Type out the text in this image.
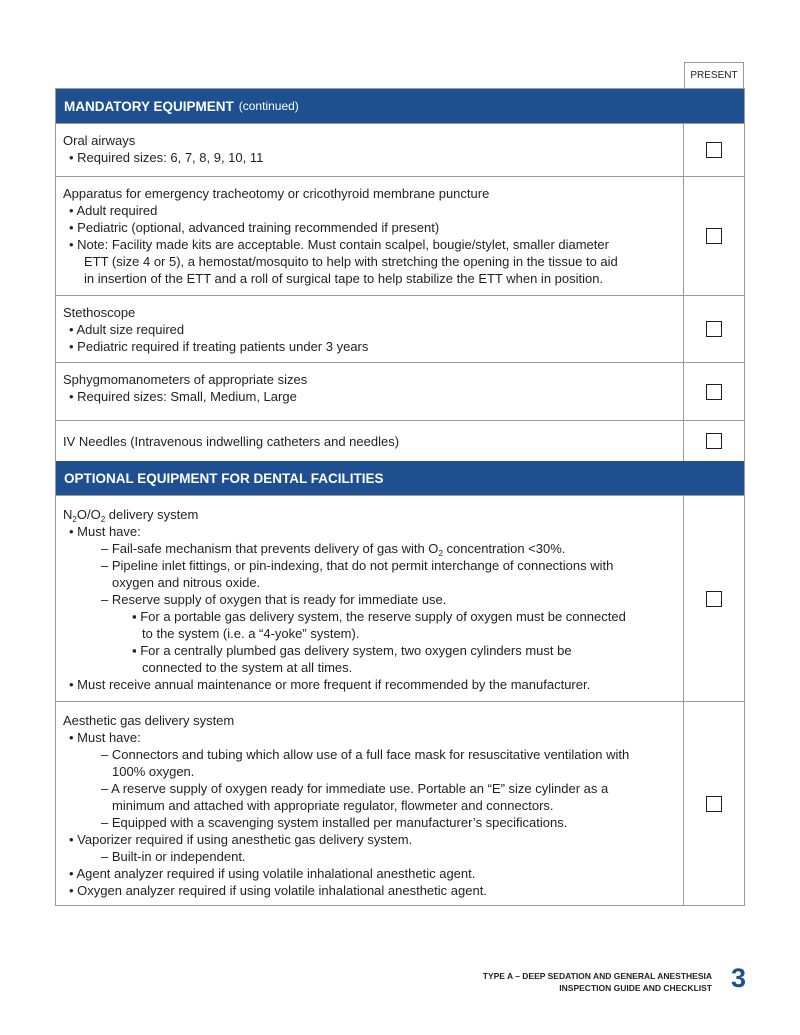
PRESENT
MANDATORY EQUIPMENT (continued)
Oral airways
• Required sizes: 6, 7, 8, 9, 10, 11
Apparatus for emergency tracheotomy or cricothyroid membrane puncture
• Adult required
• Pediatric (optional, advanced training recommended if present)
• Note: Facility made kits are acceptable. Must contain scalpel, bougie/stylet, smaller diameter
ETT (size 4 or 5), a hemostat/mosquito to help with stretching the opening in the tissue to aid
in insertion of the ETT and a roll of surgical tape to help stabilize the ETT when in position.
Stethoscope
• Adult size required
• Pediatric required if treating patients under 3 years
Sphygmomanometers of appropriate sizes
• Required sizes: Small, Medium, Large
IV Needles (Intravenous indwelling catheters and needles)
OPTIONAL EQUIPMENT FOR DENTAL FACILITIES
$N_2O/O_2$ delivery system
• Must have:
– Fail-safe mechanism that prevents delivery of gas with $O_2$ concentration <30%.
– Pipeline inlet fittings, or pin-indexing, that do not permit interchange of connections with
oxygen and nitrous oxide.
– Reserve supply of oxygen that is ready for immediate use.
▪ For a portable gas delivery system, the reserve supply of oxygen must be connected
to the system (i.e. a “4-yoke” system).
▪ For a centrally plumbed gas delivery system, two oxygen cylinders must be
connected to the system at all times.
• Must receive annual maintenance or more frequent if recommended by the manufacturer.
Aesthetic gas delivery system
• Must have:
– Connectors and tubing which allow use of a full face mask for resuscitative ventilation with
100% oxygen.
– A reserve supply of oxygen ready for immediate use. Portable an “E” size cylinder as a
minimum and attached with appropriate regulator, flowmeter and connectors.
– Equipped with a scavenging system installed per manufacturer’s specifications.
• Vaporizer required if using anesthetic gas delivery system.
– Built-in or independent.
• Agent analyzer required if using volatile inhalational anesthetic agent.
• Oxygen analyzer required if using volatile inhalational anesthetic agent.
TYPE A – DEEP SEDATION AND GENERAL ANESTHESIA
INSPECTION GUIDE AND CHECKLIST 3
